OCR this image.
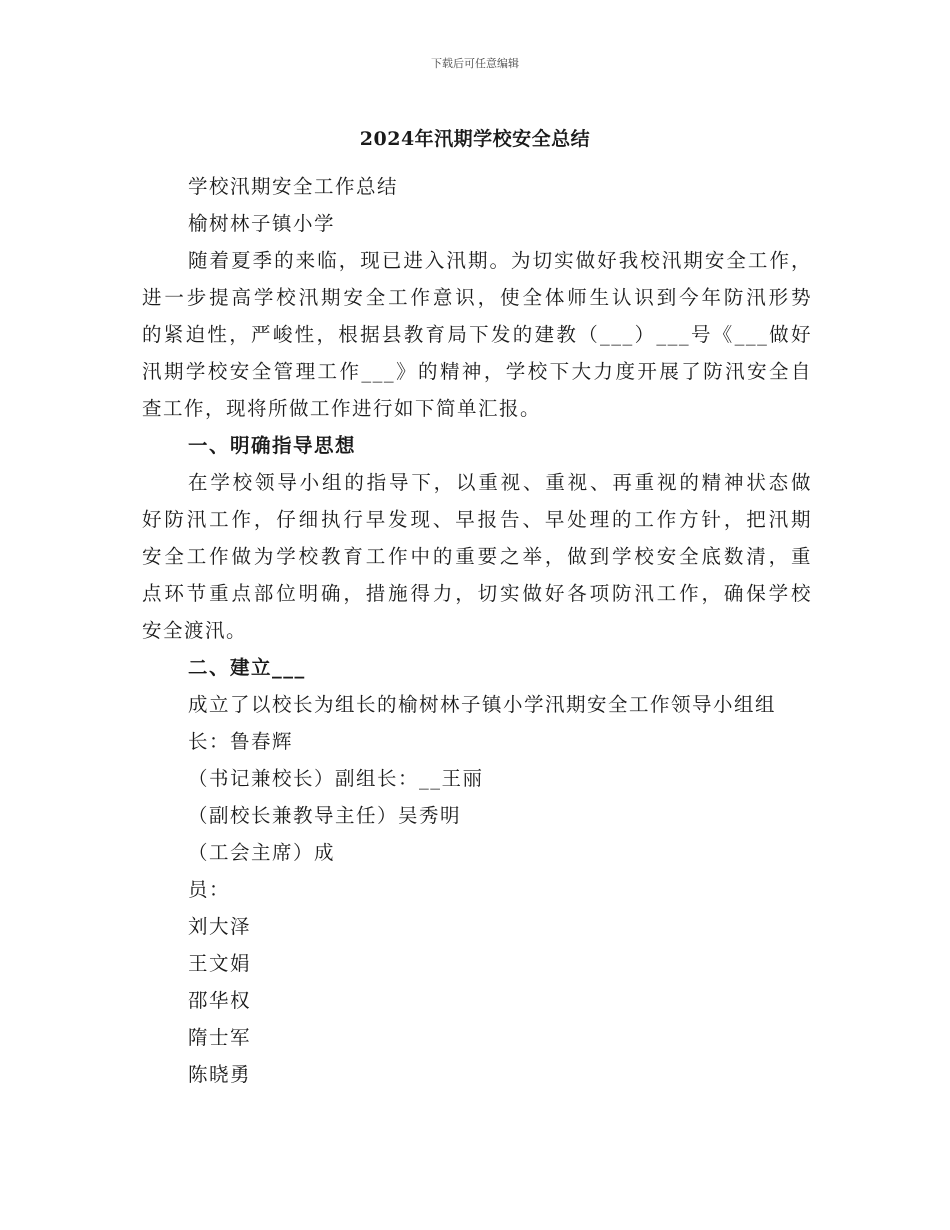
下载后可任意编辑
2024年汛期学校安全总结
学校汛期安全工作总结
榆树林子镇小学
随着夏季的来临，现已进入汛期。为切实做好我校汛期安全工作，
进一步提高学校汛期安全工作意识，使全体师生认识到今年防汛形势
的紧迫性，严峻性，根据县教育局下发的建教（___）___号《___做好
汛期学校安全管理工作___》的精神，学校下大力度开展了防汛安全自
查工作，现将所做工作进行如下简单汇报。
一、明确指导思想
在学校领导小组的指导下，以重视、重视、再重视的精神状态做
好防汛工作，仔细执行早发现、早报告、早处理的工作方针，把汛期
安全工作做为学校教育工作中的重要之举，做到学校安全底数清，重
点环节重点部位明确，措施得力，切实做好各项防汛工作，确保学校
安全渡汛。
二、建立___
成立了以校长为组长的榆树林子镇小学汛期安全工作领导小组组
长：鲁春辉
（书记兼校长）副组长：__王丽
（副校长兼教导主任）吴秀明
（工会主席）成
员：
刘大泽
王文娟
邵华权
隋士军
陈晓勇
